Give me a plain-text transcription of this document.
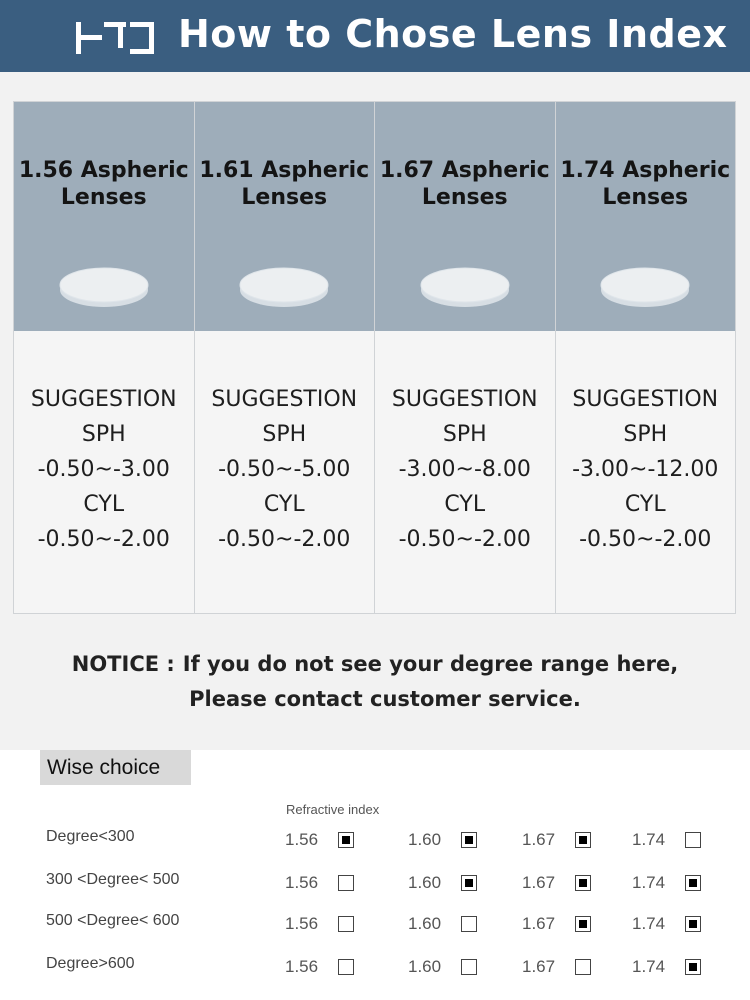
How to Chose Lens Index
1.56 Aspheric Lenses
SUGGESTION
SPH
-0.50~-3.00
CYL
-0.50~-2.00
1.61 Aspheric Lenses
SUGGESTION
SPH
-0.50~-5.00
CYL
-0.50~-2.00
1.67 Aspheric Lenses
SUGGESTION
SPH
-3.00~-8.00
CYL
-0.50~-2.00
1.74 Aspheric Lenses
SUGGESTION
SPH
-3.00~-12.00
CYL
-0.50~-2.00
NOTICE : If you do not see your degree range here,
Please contact customer service.
Wise choice
Refractive index
Degree<300	1.56	1.60	1.67	1.74
300 <Degree< 500	1.56	1.60	1.67	1.74
500 <Degree< 600	1.56	1.60	1.67	1.74
Degree>600	1.56	1.60	1.67	1.74
